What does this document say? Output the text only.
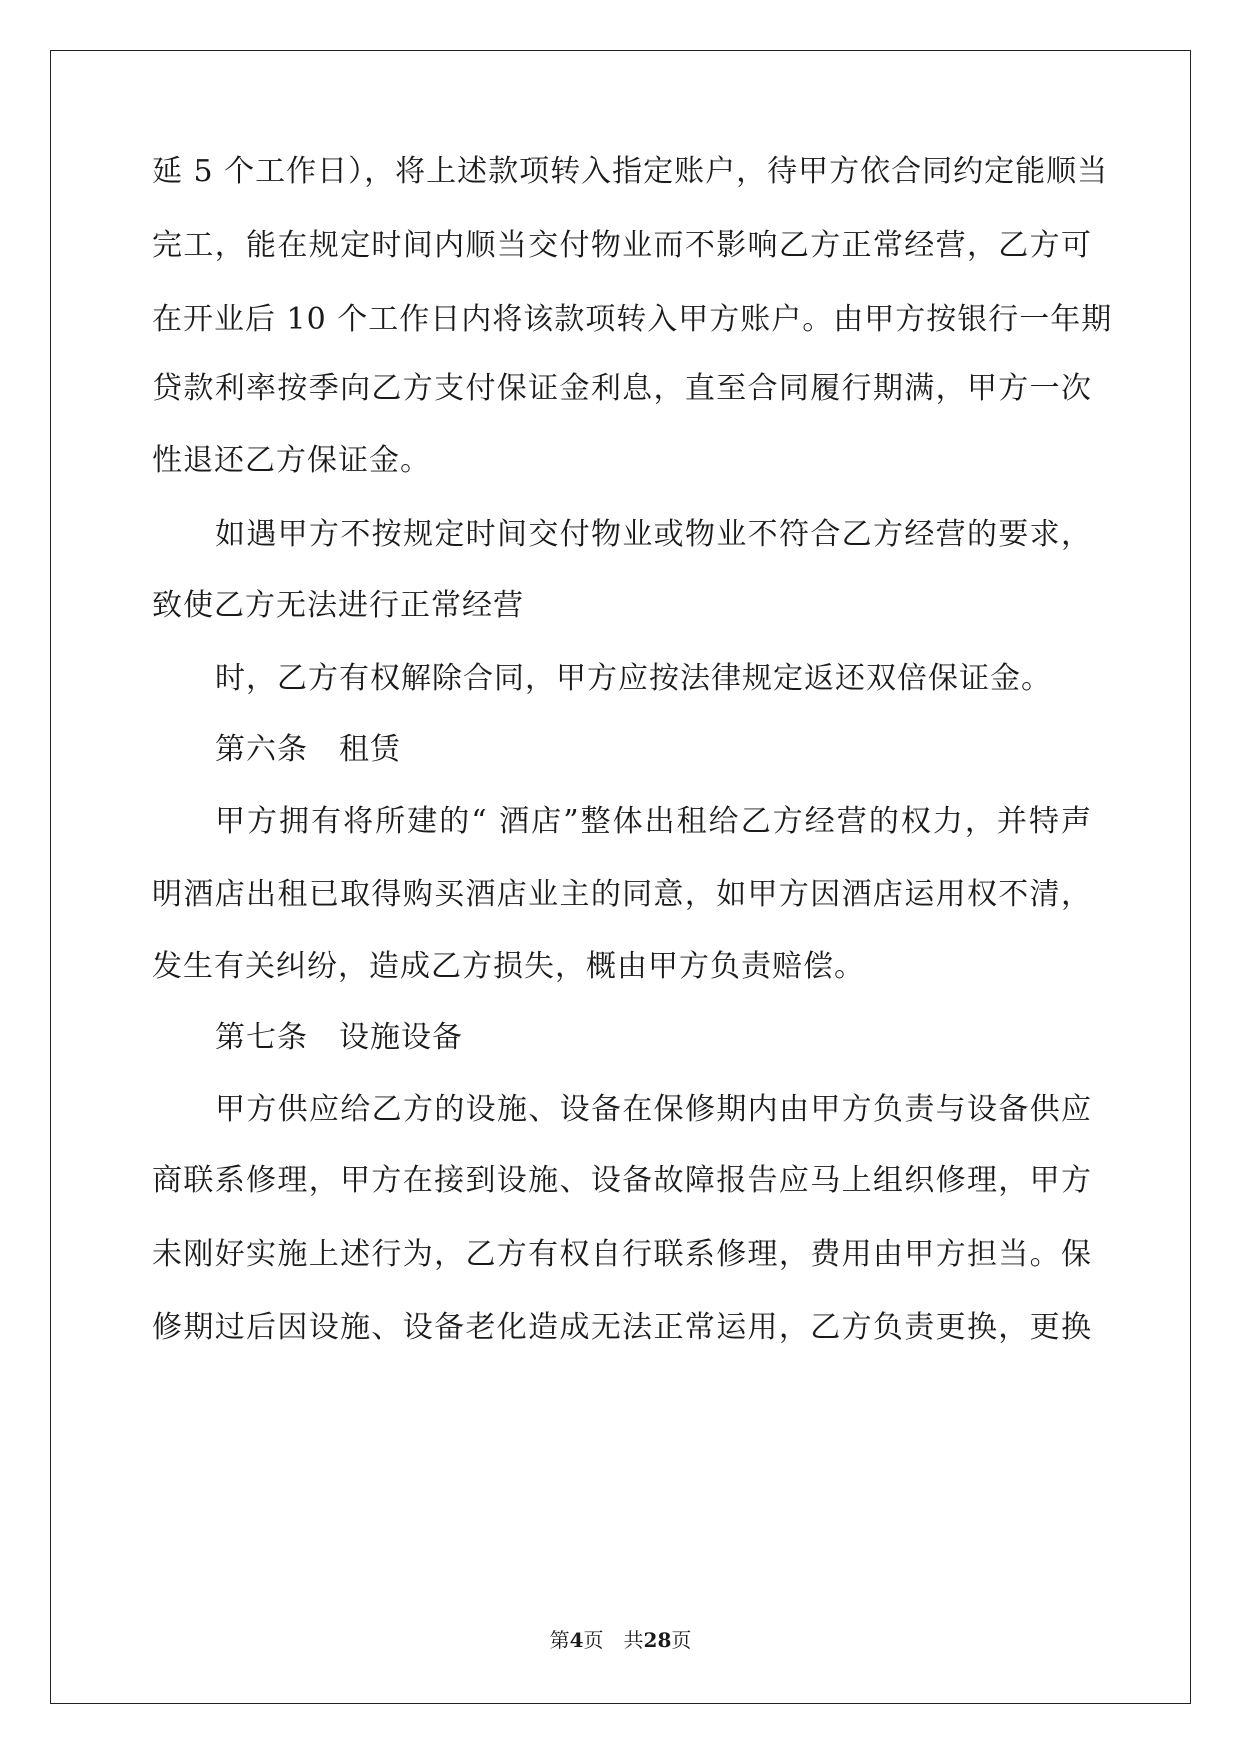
延 5 个工作日），将上述款项转入指定账户，待甲方依合同约定能顺当
完工，能在规定时间内顺当交付物业而不影响乙方正常经营，乙方可
在开业后 10 个工作日内将该款项转入甲方账户。由甲方按银行一年期
贷款利率按季向乙方支付保证金利息，直至合同履行期满，甲方一次
性退还乙方保证金。
如遇甲方不按规定时间交付物业或物业不符合乙方经营的要求，
致使乙方无法进行正常经营
时，乙方有权解除合同，甲方应按法律规定返还双倍保证金。
第六条　租赁
甲方拥有将所建的“ 酒店”整体出租给乙方经营的权力，并特声
明酒店出租已取得购买酒店业主的同意，如甲方因酒店运用权不清，
发生有关纠纷，造成乙方损失，概由甲方负责赔偿。
第七条　设施设备
甲方供应给乙方的设施、设备在保修期内由甲方负责与设备供应
商联系修理，甲方在接到设施、设备故障报告应马上组织修理，甲方
未刚好实施上述行为，乙方有权自行联系修理，费用由甲方担当。保
修期过后因设施、设备老化造成无法正常运用，乙方负责更换，更换
第4页　共28页
